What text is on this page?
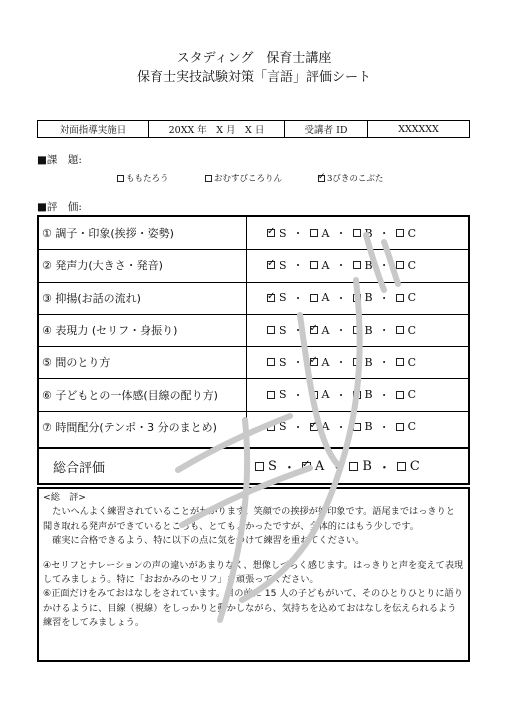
スタディング　保育士講座
保育士実技試験対策「言語」評価シート
対面指導実施日	20XX 年　X 月　X 日	受講者 ID	XXXXXX
■課　題:
ももたろう	おむすびころりん ✓	3びきのこぶた
■評　価:
① 調子・印象(挨拶・姿勢) ✓	S ・ A ・ B ・ C
② 発声力(大きさ・発音) ✓	S ・ A ・ B ・ C
③ 抑揚(お話の流れ) ✓	S ・ A ・ B ・ C
④ 表現力 (セリフ・身振り)	S ・ ✓ A ・ B ・ C
⑤ 間のとり方	S ・ ✓ A ・ B ・ C
⑥ 子どもとの一体感(目線の配り方)	S ・ A ・ ✓ B ・ C
⑦ 時間配分(テンポ・3 分のまとめ)	S ・ ✓ A ・ B ・ C
総合評価	S ・ ✓ A ・ B ・ C

<総　評>

　たいへんよく練習されていることがわかります。笑顔での挨拶が好印象です。語尾まではっきりと聞き取れる発声ができているところも、とてもよかったですが、全体的にはもう少しです。

　確実に合格できるよう、特に以下の点に気をつけて練習を重ねてください。

④セリフとナレーションの声の違いがあまりなく、想像しづらく感じます。はっきりと声を変えて表現してみましょう。特に「おおかみのセリフ」を頑張ってください。

⑥正面だけをみておはなしをされています。目の前に 15 人の子どもがいて、そのひとりひとりに語りかけるように、目線（視線）をしっかりと動かしながら、気持ちを込めておはなしを伝えられるよう練習をしてみましょう。
